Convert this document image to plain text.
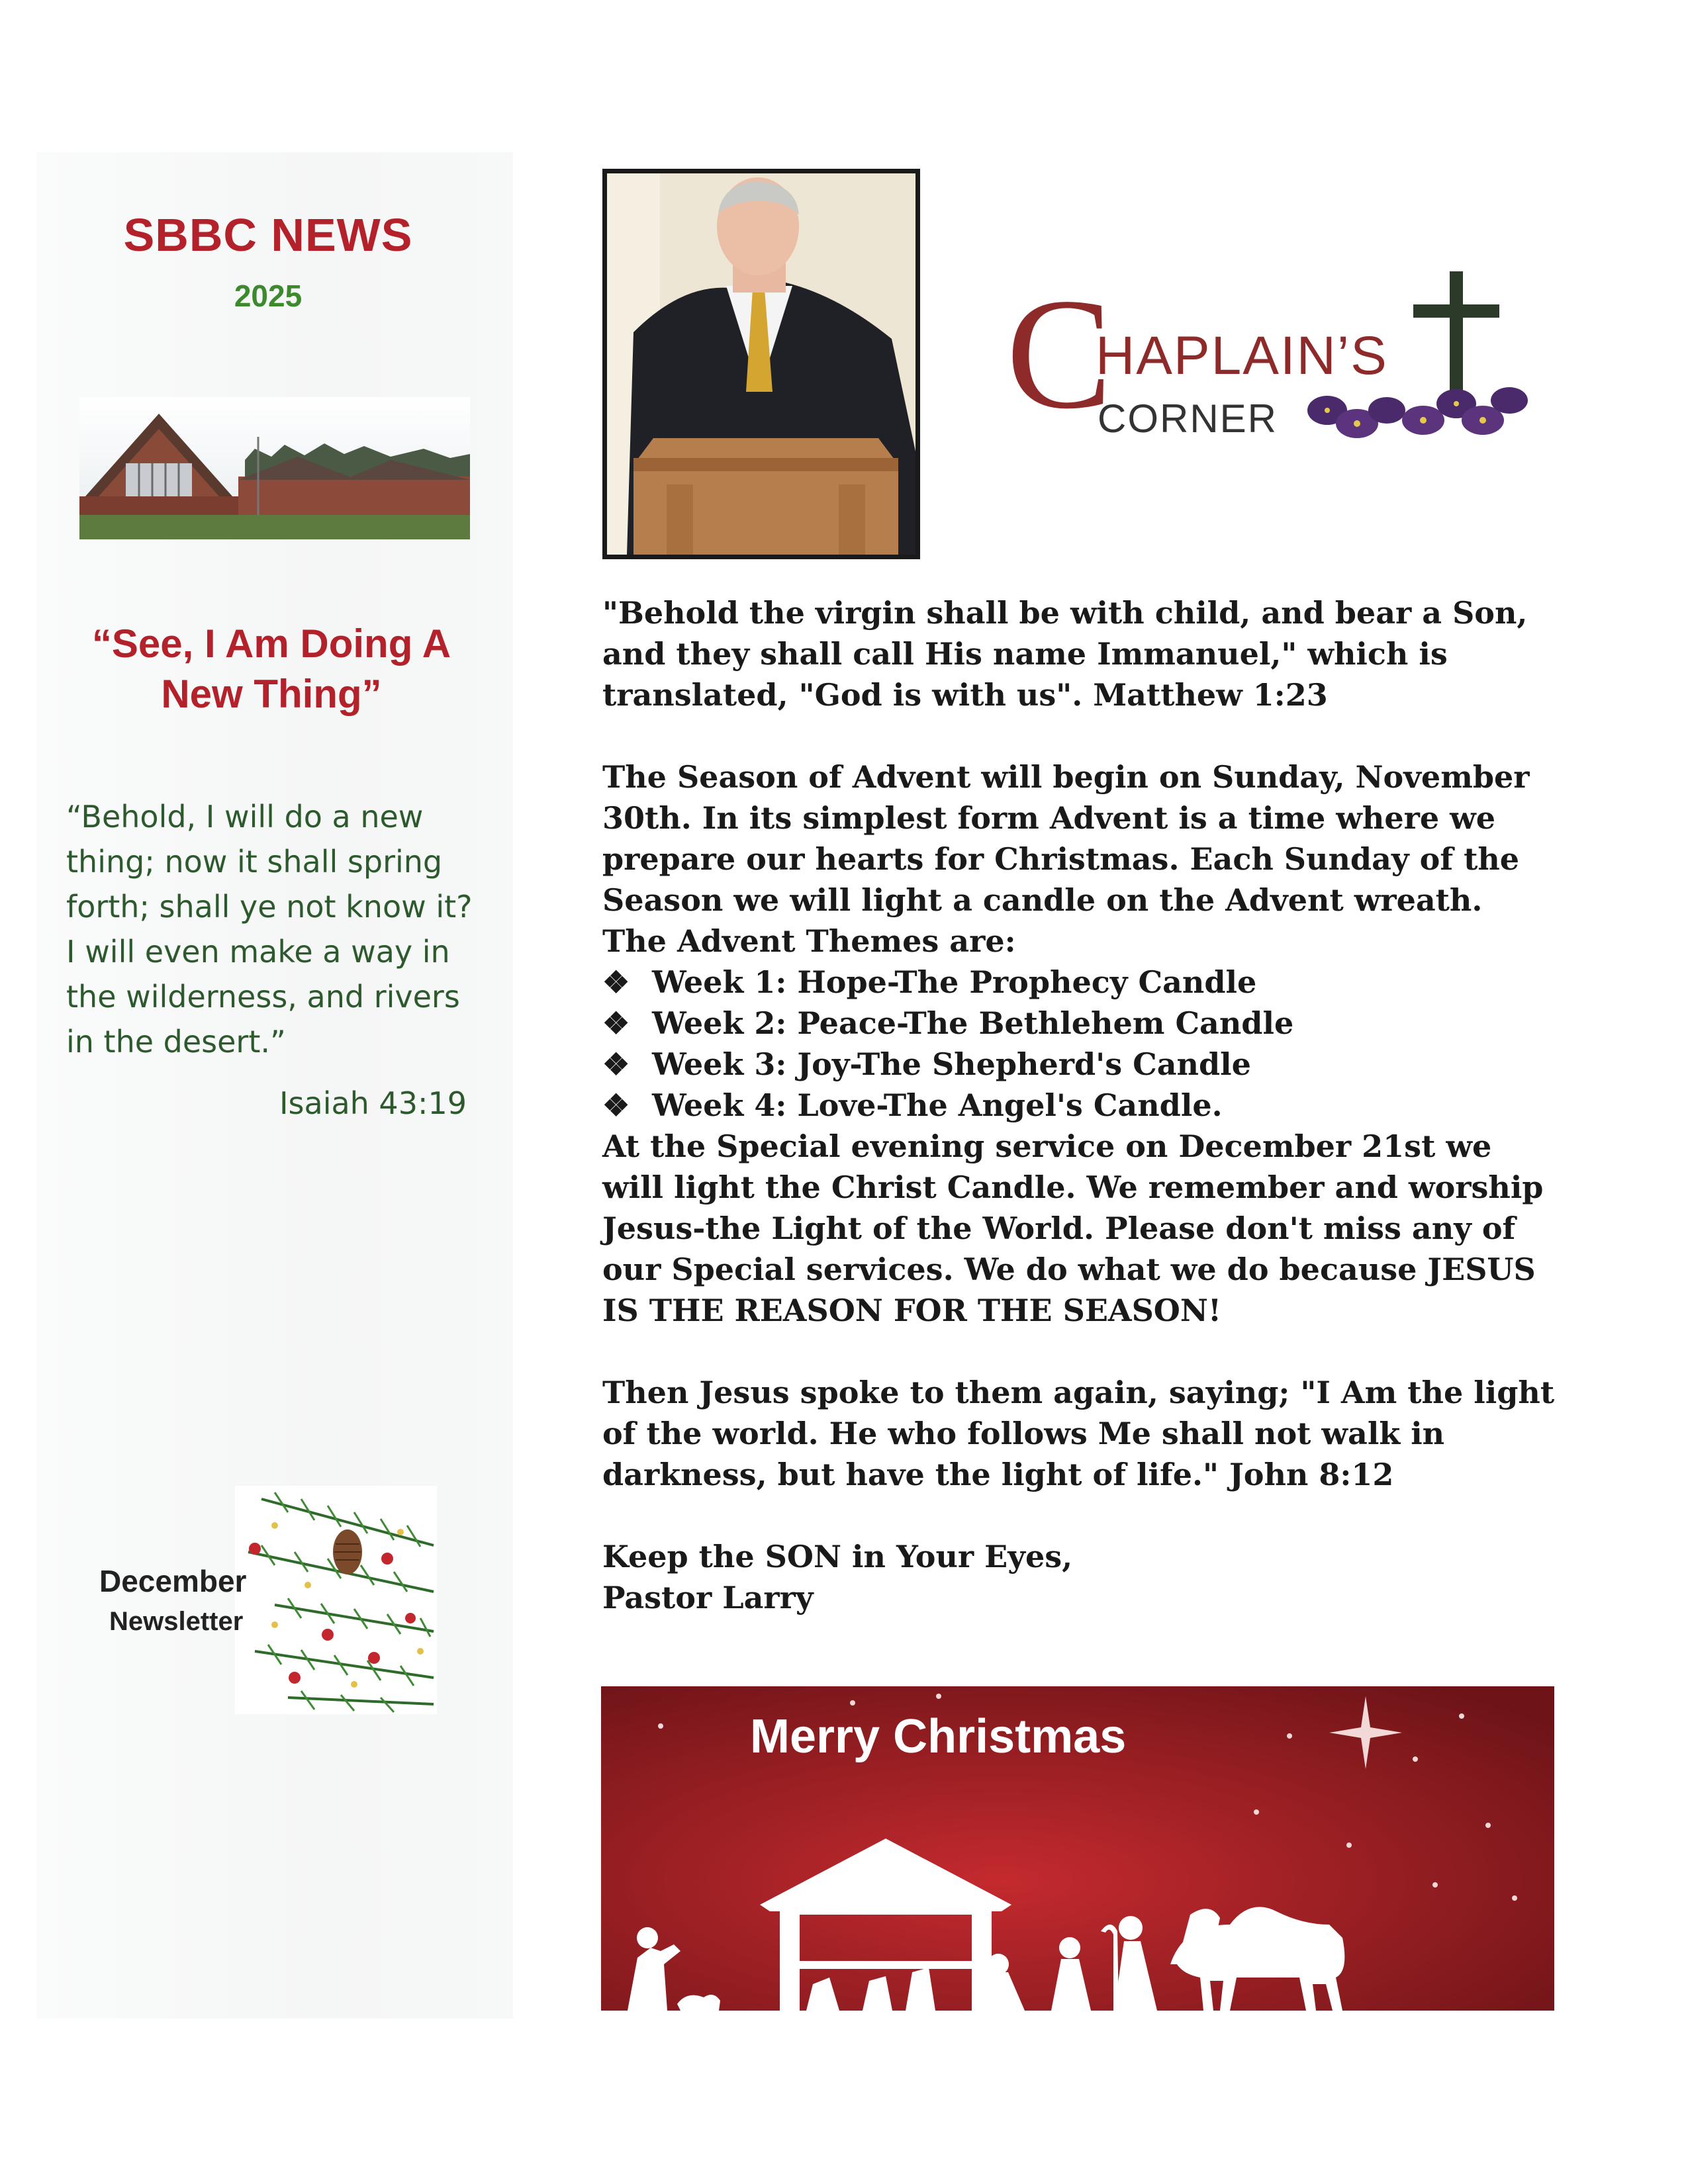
SBBC NEWS
2025
“See, I Am Doing A New Thing”
“Behold, I will do a new thing; now it shall spring forth; shall ye not know it? I will even make a way in the wilderness, and rivers in the desert.”
Isaiah 43:19
December
Newsletter
C
HAPLAIN’S
CORNER

"Behold the virgin shall be with child, and bear a Son, and they shall call His name Immanuel," which is translated, "God is with us". Matthew 1:23

The Season of Advent will begin on Sunday, November 30th. In its simplest form Advent is a time where we prepare our hearts for Christmas. Each Sunday of the Season we will light a candle on the Advent wreath. The Advent Themes are:

❖ Week 1: Hope-The Prophecy Candle
❖ Week 2: Peace-The Bethlehem Candle
❖ Week 3: Joy-The Shepherd's Candle
❖ Week 4: Love-The Angel's Candle.

At the Special evening service on December 21st we will light the Christ Candle. We remember and worship Jesus-the Light of the World. Please don't miss any of our Special services. We do what we do because JESUS IS THE REASON FOR THE SEASON!

Then Jesus spoke to them again, saying; "I Am the light of the world. He who follows Me shall not walk in darkness, but have the light of life." John 8:12

Keep the SON in Your Eyes,

Pastor Larry

Merry Christmas
